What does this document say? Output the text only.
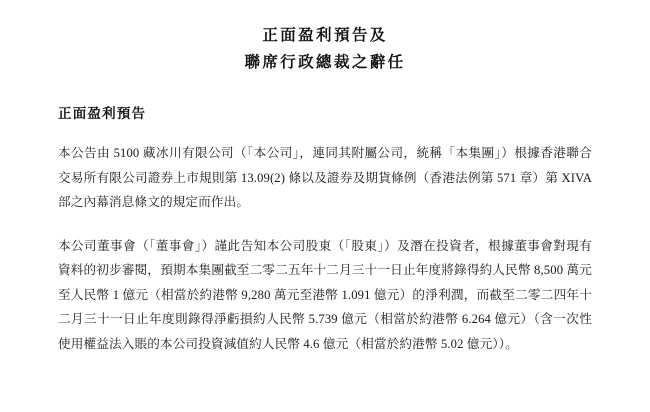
正面盈利預告及
聯席行政總裁之辭任
正面盈利預告
本公告由 5100 藏冰川有限公司（「本公司」，連同其附屬公司，統稱「本集團」）根據香港聯合交易所有限公司證券上市規則第 13.09(2) 條以及證券及期貨條例（香港法例第 571 章）第 XIVA 部之內幕消息條文的規定而作出。
本公司董事會（「董事會」）謹此告知本公司股東（「股東」）及潛在投資者，根據董事會對現有資料的初步審閱，預期本集團截至二零二五年十二月三十一日止年度將錄得約人民幣 8,500 萬元至人民幣 1 億元（相當於約港幣 9,280 萬元至港幣 1.091 億元）的淨利潤，而截至二零二四年十二月三十一日止年度則錄得淨虧損約人民幣 5.739 億元（相當於約港幣 6.264 億元）（含一次性使用權益法入賬的本公司投資減值約人民幣 4.6 億元（相當於約港幣 5.02 億元））。
